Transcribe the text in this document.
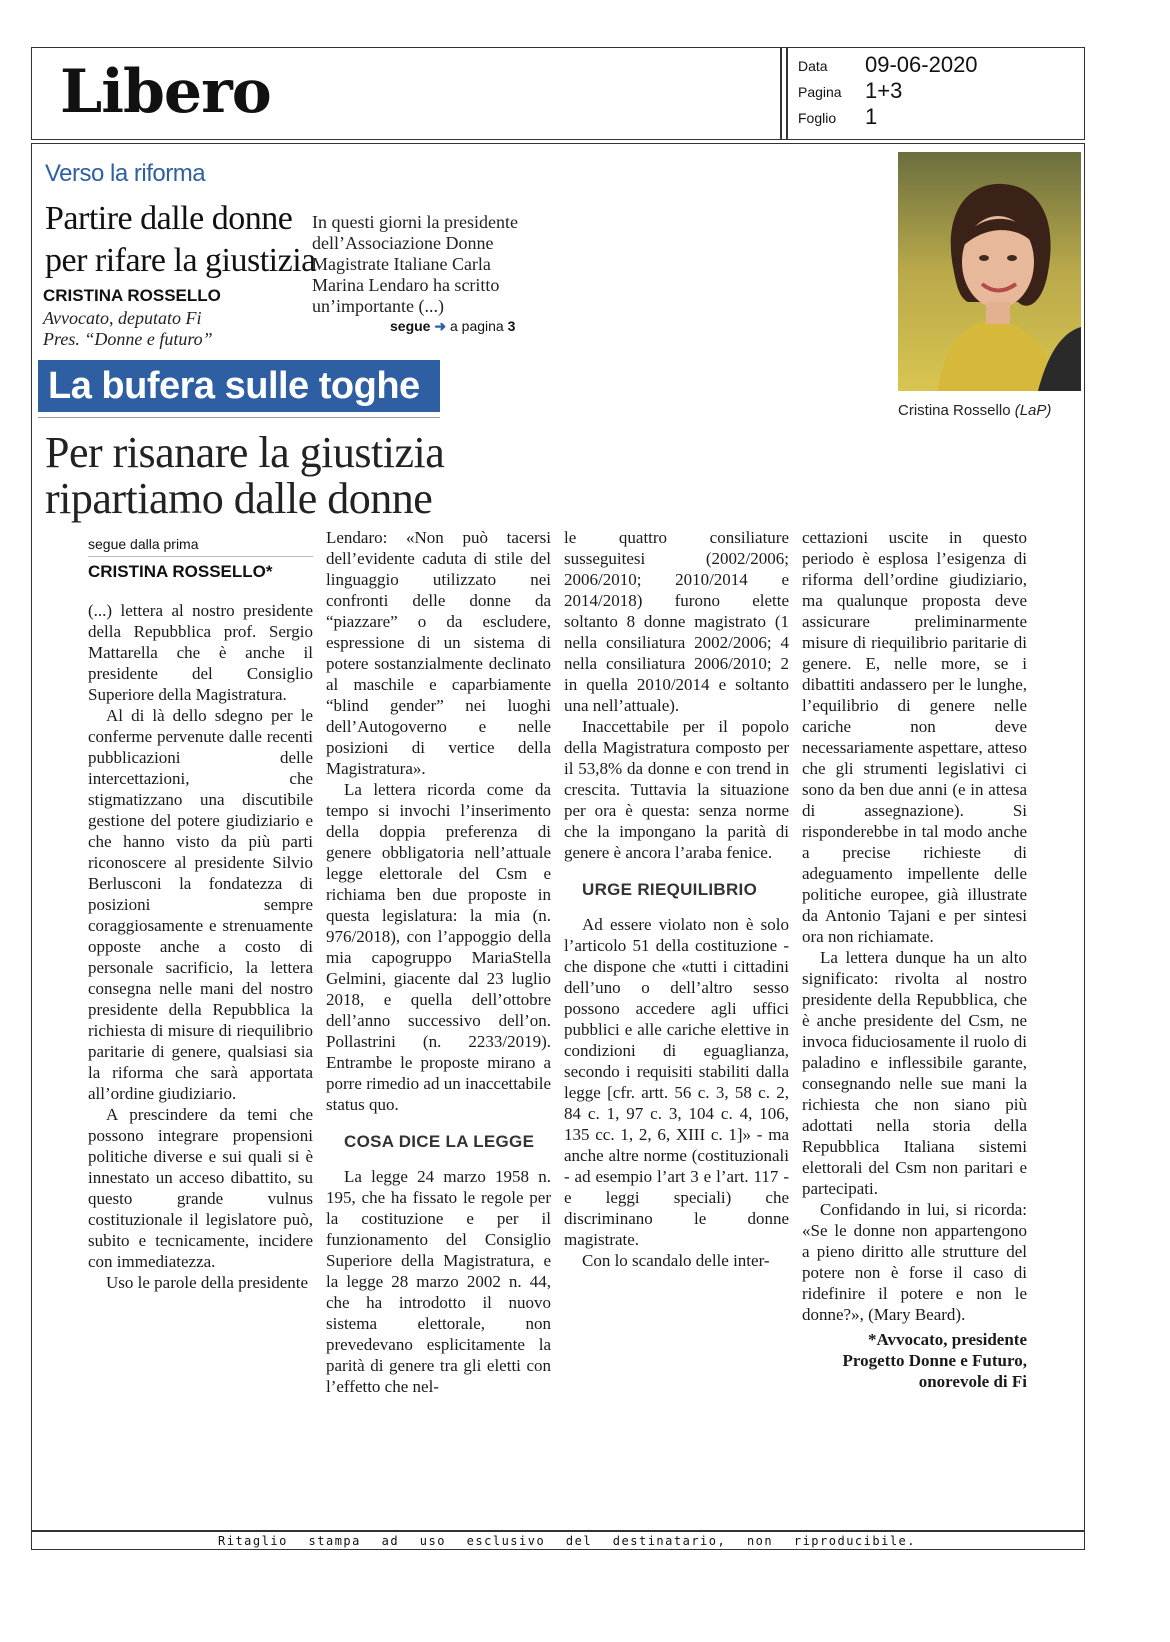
Libero	Data 09-06-2020
Pagina 1+3
Foglio 1
Verso la riforma
Partire dalle donne
per rifare la giustizia
CRISTINA ROSSELLO
Avvocato, deputato Fi
Pres. “Donne e futuro”
In questi giorni la presidente dell’Associazione Donne Magistrate Italiane Carla Marina Lendaro ha scritto un’importante (...)
segue ➜ a pagina 3
Cristina Rossello (LaP)
La bufera sulle toghe
Per risanare la giustizia
ripartiamo dalle donne
segue dalla prima
CRISTINA ROSSELLO*

(...) lettera al nostro presidente della Repubblica prof. Sergio Mattarella che è anche il presidente del Consiglio Superiore della Magistratura.

Al di là dello sdegno per le conferme pervenute dalle recenti pubblicazioni delle intercettazioni, che stigmatizzano una discutibile gestione del potere giudiziario e che hanno visto da più parti riconoscere al presidente Silvio Berlusconi la fondatezza di posizioni sempre coraggiosamente e strenuamente opposte anche a costo di personale sacrificio, la lettera consegna nelle mani del nostro presidente della Repubblica la richiesta di misure di riequilibrio paritarie di genere, qualsiasi sia la riforma che sarà apportata all’ordine giudiziario.

A prescindere da temi che possono integrare propensioni politiche diverse e sui quali si è innestato un acceso dibattito, su questo grande vulnus costituzionale il legislatore può, subito e tecnicamente, incidere con immediatezza.

Uso le parole della presidente

Lendaro: «Non può tacersi dell’evidente caduta di stile del linguaggio utilizzato nei confronti delle donne da “piazzare” o da escludere, espressione di un sistema di potere sostanzialmente declinato al maschile e caparbiamente “blind gender” nei luoghi dell’Autogoverno e nelle posizioni di vertice della Magistratura».

La lettera ricorda come da tempo si invochi l’inserimento della doppia preferenza di genere obbligatoria nell’attuale legge elettorale del Csm e richiama ben due proposte in questa legislatura: la mia (n. 976/2018), con l’appoggio della mia capogruppo MariaStella Gelmini, giacente dal 23 luglio 2018, e quella dell’ottobre dell’anno successivo dell’on. Pollastrini (n. 2233/2019). Entrambe le proposte mirano a porre rimedio ad un inaccettabile status quo.

COSA DICE LA LEGGE

La legge 24 marzo 1958 n. 195, che ha fissato le regole per la costituzione e per il funzionamento del Consiglio Superiore della Magistratura, e la legge 28 marzo 2002 n. 44, che ha introdotto il nuovo sistema elettorale, non prevedevano esplicitamente la parità di genere tra gli eletti con l’effetto che nel-

le quattro consiliature susseguitesi (2002/2006; 2006/2010; 2010/2014 e 2014/2018) furono elette soltanto 8 donne magistrato (1 nella consiliatura 2002/2006; 4 nella consiliatura 2006/2010; 2 in quella 2010/2014 e soltanto una nell’attuale).

Inaccettabile per il popolo della Magistratura composto per il 53,8% da donne e con trend in crescita. Tuttavia la situazione per ora è questa: senza norme che la impongano la parità di genere è ancora l’araba fenice.

URGE RIEQUILIBRIO

Ad essere violato non è solo l’articolo 51 della costituzione - che dispone che «tutti i cittadini dell’uno o dell’altro sesso possono accedere agli uffici pubblici e alle cariche elettive in condizioni di eguaglianza, secondo i requisiti stabiliti dalla legge [cfr. artt. 56 c. 3, 58 c. 2, 84 c. 1, 97 c. 3, 104 c. 4, 106, 135 cc. 1, 2, 6, XIII c. 1]» - ma anche altre norme (costituzionali - ad esempio l’art 3 e l’art. 117 - e leggi speciali) che discriminano le donne magistrate.

Con lo scandalo delle inter-

cettazioni uscite in questo periodo è esplosa l’esigenza di riforma dell’ordine giudiziario, ma qualunque proposta deve assicurare preliminarmente misure di riequilibrio paritarie di genere. E, nelle more, se i dibattiti andassero per le lunghe, l’equilibrio di genere nelle cariche non deve necessariamente aspettare, atteso che gli strumenti legislativi ci sono da ben due anni (e in attesa di assegnazione). Si risponderebbe in tal modo anche a precise richieste di adeguamento impellente delle politiche europee, già illustrate da Antonio Tajani e per sintesi ora non richiamate.

La lettera dunque ha un alto significato: rivolta al nostro presidente della Repubblica, che è anche presidente del Csm, ne invoca fiduciosamente il ruolo di paladino e inflessibile garante, consegnando nelle sue mani la richiesta che non siano più adottati nella storia della Repubblica Italiana sistemi elettorali del Csm non paritari e partecipati.

Confidando in lui, si ricorda: «Se le donne non appartengono a pieno diritto alle strutture del potere non è forse il caso di ridefinire il potere e non le donne?», (Mary Beard).

*Avvocato, presidente
Progetto Donne e Futuro,
onorevole di Fi
Ritaglio stampa ad uso esclusivo del destinatario, non riproducibile.
